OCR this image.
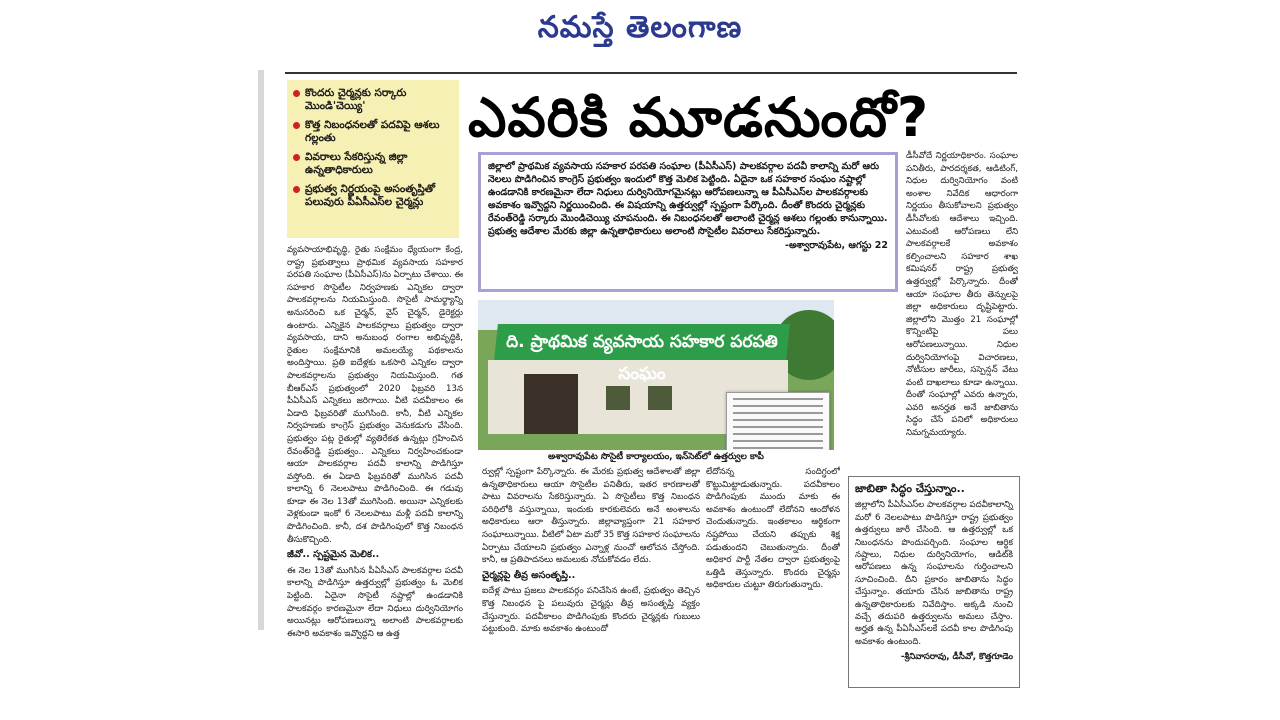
నమస్తే తెలంగాణ
కొందరు చైర్మన్లకు సర్కారు మొండి'చెయ్యి'
కొత్త నిబంధనలతో పదవిపై ఆశలు గల్లంతు
వివరాలు సేకరిస్తున్న జిల్లా ఉన్నతాధికారులు
ప్రభుత్వ నిర్ణయంపై అసంతృప్తితో పలువురు పీఏసీఎస్‌ల చైర్మన్లు
ఎవరికి మూడనుందో?
జిల్లాలో ప్రాథమిక వ్యవసాయ సహకార పరపతి సంఘాల (పీఏసీఎస్) పాలకవర్గాల పదవీ కాలాన్ని మరో ఆరు నెలలు పొడిగించిన కాంగ్రెస్ ప్రభుత్వం ఇందులో కొత్త మెలిక పెట్టింది. ఏదైనా ఒక సహకార సంఘం నష్టాల్లో ఉండడానికి కారణమైనా లేదా నిధులు దుర్వినియోగమైనట్లు ఆరోపణలున్నా ఆ పీఏసీఎస్‌ల పాలకవర్గాలకు అవకాశం ఇవ్వొద్దని నిర్ణయించింది. ఈ విషయాన్ని ఉత్తర్వుల్లో స్పష్టంగా పేర్కొంది. దీంతో కొందరు చైర్మన్లకు రేవంత్‌రెడ్డి సర్కారు మొండిచెయ్యి చూపనుంది. ఈ నిబంధనలతో అలాంటి చైర్మన్ల ఆశలు గల్లంతు కానున్నాయి. ప్రభుత్వ ఆదేశాల మేరకు జిల్లా ఉన్నతాధికారులు అలాంటి సొసైటీల వివరాలు సేకరిస్తున్నారు.
-అశ్వారావుపేట, ఆగస్టు 22

వ్యవసాయాభివృద్ధి, రైతు సంక్షేమం ధ్యేయంగా కేంద్ర, రాష్ట్ర ప్రభుత్వాలు ప్రాథమిక వ్యవసాయ సహకార పరపతి సంఘాల (పీఏసీఎస్)ను ఏర్పాటు చేశాయి. ఈ సహకార సొసైటీల నిర్వహణకు ఎన్నికల ద్వారా పాలకవర్గాలను నియమిస్తుంది. సొసైటీ సామర్థ్యాన్ని అనుసరించి ఒక చైర్మన్, వైస్ చైర్మన్, డైరెక్టర్లు ఉంటారు. ఎన్నికైన పాలకవర్గాలు ప్రభుత్వం ద్వారా వ్యవసాయ, దాని అనుబంధ రంగాల అభివృద్ధికి, రైతుల సంక్షేమానికి అమలయ్యే పథకాలను అందిస్తాయి. ప్రతి ఐదేళ్లకు ఒకసారి ఎన్నికల ద్వారా పాలకవర్గాలను ప్రభుత్వం నియమిస్తుంది. గత బీఆర్ఎస్ ప్రభుత్వంలో 2020 ఫిబ్రవరి 13న పీఏసీఎస్ ఎన్నికలు జరిగాయి. వీటి పదవీకాలం ఈ ఏడాది ఫిబ్రవరితో ముగిసింది. కానీ, వీటి ఎన్నికల నిర్వహణకు కాంగ్రెస్ ప్రభుత్వం వెనుకడుగు వేసింది. ప్రభుత్వం పట్ల రైతుల్లో వ్యతిరేకత ఉన్నట్లు గ్రహించిన రేవంత్‌రెడ్డి ప్రభుత్వం.. ఎన్నికలు నిర్వహించకుండా ఆయా పాలకవర్గాల పదవీ కాలాన్ని పొడిగిస్తూ వస్తోంది. ఈ ఏడాది ఫిబ్రవరితో ముగిసిన పదవీ కాలాన్ని 6 నెలలపాటు పొడిగించింది. ఈ గడువు కూడా ఈ నెల 13తో ముగిసింది. అయినా ఎన్నికలకు వెళ్లకుండా ఇంకో 6 నెలలపాటు మళ్లీ పదవీ కాలాన్ని పొడిగించింది. కానీ, దశ పొడిగింపులో కొత్త నిబంధన తీసుకొచ్చింది.

జీవో.. స్పష్టమైన మెలిక..

ఈ నెల 13తో ముగిసిన పీఏసీఎస్ పాలకవర్గాల పదవీ కాలాన్ని పొడిగిస్తూ ఉత్తర్వుల్లో ప్రభుత్వం ఓ మెలిక పెట్టింది. ఏదైనా సొసైటీ నష్టాల్లో ఉండడానికి పాలకవర్గం కారణమైనా లేదా నిధులు దుర్వినియోగం అయినట్లు ఆరోపణలున్నా అలాంటి పాలకవర్గాలకు ఈసారి అవకాశం ఇవ్వొద్దని ఆ ఉత్త

డీసీవోదే నిర్ణయాధికారం. సంఘాల పనితీరు, పారదర్శకత, ఆడిటింగ్, నిధుల దుర్వినియోగం వంటి అంశాల నివేదిక ఆధారంగా నిర్ణయం తీసుకోవాలని ప్రభుత్వం డీసీవోలకు ఆదేశాలు ఇచ్చింది. ఎటువంటి ఆరోపణలు లేని పాలకవర్గాలకే అవకాశం కల్పించాలని సహకార శాఖ కమిషనర్ రాష్ట్ర ప్రభుత్వ ఉత్తర్వుల్లో పేర్కొన్నారు. దీంతో ఆయా సంఘాల తీరు తెన్నులపై జిల్లా అధికారులు దృష్టిపెట్టారు. జిల్లాలోని మొత్తం 21 సంఘాల్లో కొన్నింటిపై పలు ఆరోపణలున్నాయి. నిధుల దుర్వినియోగంపై విచారణలు, నోటీసుల జారీలు, సస్పెన్షన్ వేటు వంటి దాఖలాలు కూడా ఉన్నాయి. దీంతో సంఘాల్లో ఎవరు ఉన్నారు, ఎవరి అనర్హత అనే జాబితాను సిద్ధం చేసే పనిలో అధికారులు నిమగ్నమయ్యారు.

ది. ప్రాథమిక వ్యవసాయ సహకార పరపతి సంఘం
అశ్వారావుపేట సొసైటీ కార్యాలయం, ఇన్‌సెట్‌లో ఉత్తర్వుల కాపీ

ర్వుల్లో స్పష్టంగా పేర్కొన్నారు. ఈ మేరకు ప్రభుత్వ ఆదేశాలతో జిల్లా ఉన్నతాధికారులు ఆయా సొసైటీల పనితీరు, ఇతర కారణాలతో పాటు వివరాలను సేకరిస్తున్నారు. ఏ సొసైటీలు కొత్త నిబంధన పరిధిలోకి వస్తున్నాయి, ఇందుకు కారకులెవరు అనే అంశాలను అధికారులు ఆరా తీస్తున్నారు. జిల్లావ్యాప్తంగా 21 సహకార సంఘాలున్నాయి. వీటిలో ఏటా మరో 35 కొత్త సహకార సంఘాలను ఏర్పాటు చేయాలని ప్రభుత్వం ఎన్నాళ్ల నుంచో ఆలోచన చేస్తోంది. కానీ, ఆ ప్రతిపాదనలు అమలుకు నోచుకోవడం లేదు.

చైర్మన్లపై తీవ్ర అసంతృప్తి..

ఐదేళ్ల పాటు ప్రజలు పాలకవర్గం పనిచేసిన ఉంటే, ప్రభుత్వం తెచ్చిన కొత్త నిబంధన పై పలువురు చైర్మన్లు తీవ్ర అసంతృప్తి వ్యక్తం చేస్తున్నారు. పదవీకాలం పొడిగింపుకు కొందరు చైర్మన్లకు గుబులు పట్టుకుంది. మాకు అవకాశం ఉంటుందో

లేదోనన్న సందిగ్ధంలో కొట్టుమిట్టాడుతున్నారు. పదవీకాలం పొడిగింపుకు ముందు మాకు ఈ అవకాశం ఉంటుందో లేదోనని ఆందోళన చెందుతున్నారు. ఇంతకాలం ఆర్థికంగా నష్టపోయి చేయని తప్పుకు శిక్ష పడుతుందని చెబుతున్నారు. దీంతో అధికార పార్టీ నేతల ద్వారా ప్రభుత్వంపై ఒత్తిడి తెస్తున్నారు. కొందరు చైర్మన్లు అధికారుల చుట్టూ తిరుగుతున్నారు.

జాబితా సిద్ధం చేస్తున్నాం..
జిల్లాలోని పీఏసీఎస్‌ల పాలకవర్గాల పదవీకాలాన్ని మరో 6 నెలలపాటు పొడిగిస్తూ రాష్ట్ర ప్రభుత్వం ఉత్తర్వులు జారీ చేసింది. ఆ ఉత్తర్వుల్లో ఒక నిబంధనను పొందుపర్చింది. సంఘాల ఆర్థిక నష్టాలు, నిధుల దుర్వినియోగం, ఆడిట్‌కి ఆరోపణలు ఉన్న సంఘాలను గుర్తించాలని సూచించింది. దీని ప్రకారం జాబితాను సిద్ధం చేస్తున్నాం. తయారు చేసిన జాబితాను రాష్ట్ర ఉన్నతాధికారులకు నివేదిస్తాం. అక్కడి నుంచి వచ్చే తదుపరి ఉత్తర్వులను అమలు చేస్తాం. అర్హత ఉన్న పీఏసీఎస్‌లకే పదవీ కాల పొడిగింపు అవకాశం ఉంటుంది.
-శ్రీనివాసరావు, డీసీవో, కొత్తగూడెం
